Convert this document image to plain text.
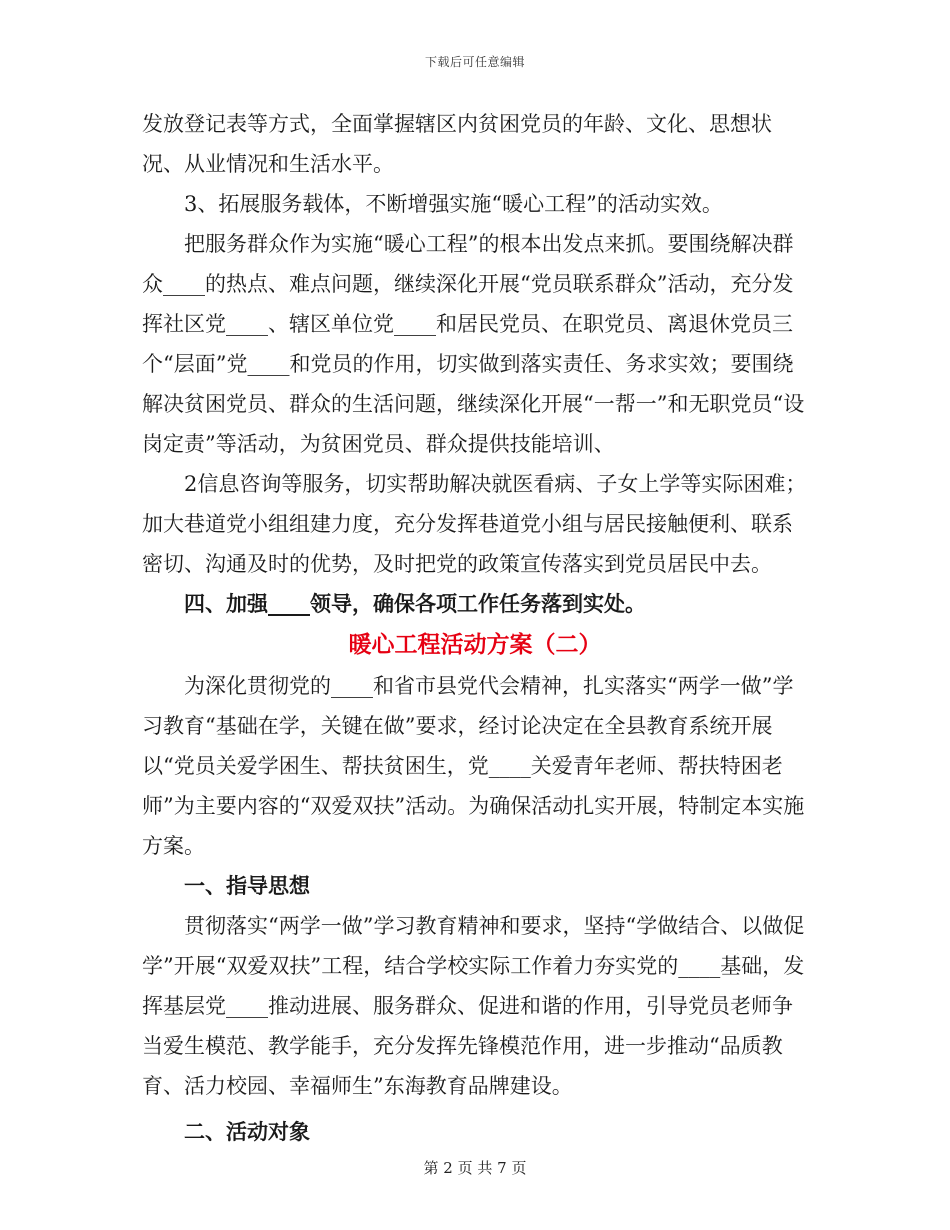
下载后可任意编辑

发放登记表等方式，全面掌握辖区内贫困党员的年龄、文化、思想状况、从业情况和生活水平。

3、拓展服务载体，不断增强实施“暖心工程”的活动实效。

把服务群众作为实施“暖心工程”的根本出发点来抓。要围绕解决群众____的热点、难点问题，继续深化开展“党员联系群众”活动，充分发挥社区党____、辖区单位党____和居民党员、在职党员、离退休党员三个“层面”党____和党员的作用，切实做到落实责任、务求实效；要围绕解决贫困党员、群众的生活问题，继续深化开展“一帮一”和无职党员“设岗定责”等活动，为贫困党员、群众提供技能培训、

2信息咨询等服务，切实帮助解决就医看病、子女上学等实际困难；加大巷道党小组组建力度，充分发挥巷道党小组与居民接触便利、联系密切、沟通及时的优势，及时把党的政策宣传落实到党员居民中去。

四、加强____领导，确保各项工作任务落到实处。

暖心工程活动方案（二）

为深化贯彻党的____和省市县党代会精神，扎实落实“两学一做”学习教育“基础在学，关键在做”要求，经讨论决定在全县教育系统开展以“党员关爱学困生、帮扶贫困生，党____关爱青年老师、帮扶特困老师”为主要内容的“双爱双扶”活动。为确保活动扎实开展，特制定本实施方案。

一、指导思想

贯彻落实“两学一做”学习教育精神和要求，坚持“学做结合、以做促学”开展“双爱双扶”工程，结合学校实际工作着力夯实党的____基础，发挥基层党____推动进展、服务群众、促进和谐的作用，引导党员老师争当爱生模范、教学能手，充分发挥先锋模范作用，进一步推动“品质教育、活力校园、幸福师生”东海教育品牌建设。

二、活动对象

第 2 页 共 7 页
